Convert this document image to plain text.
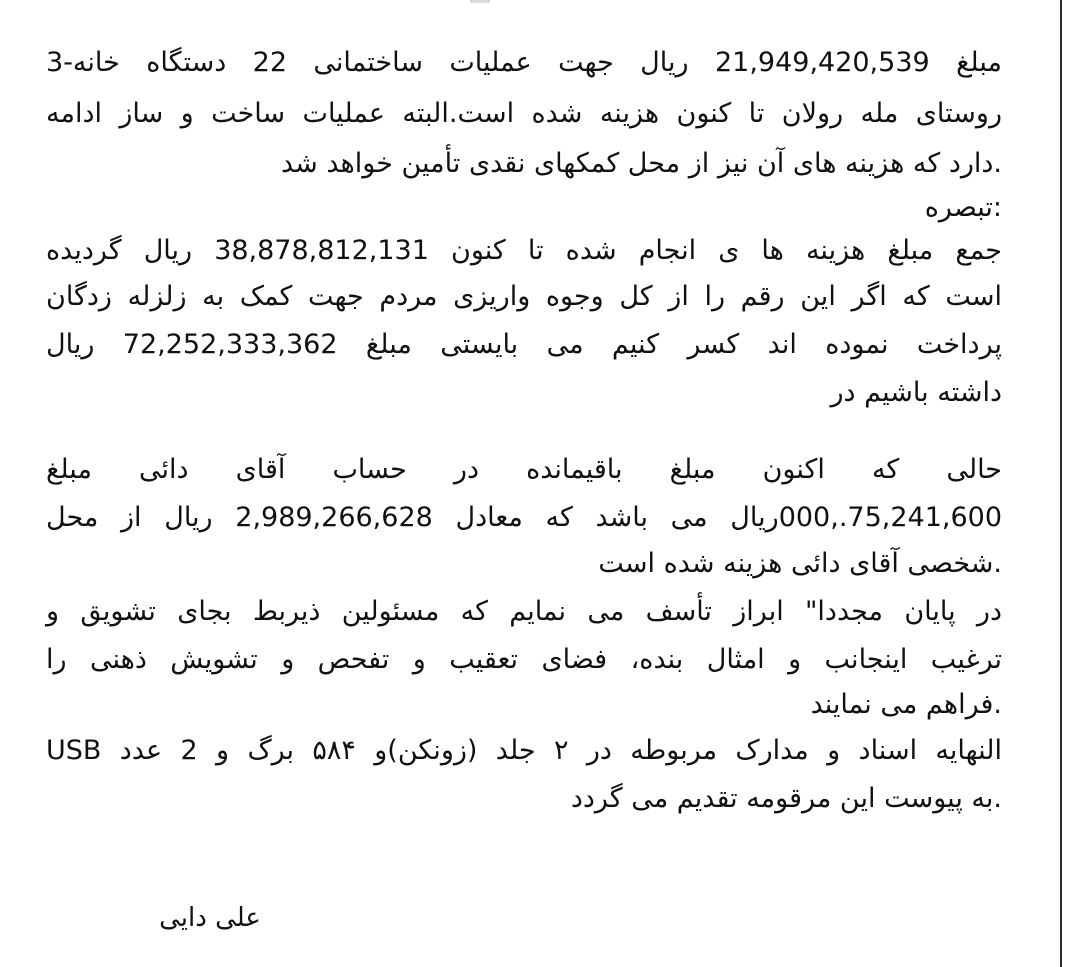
مبلغ 21,949,420,539 ریال جهت عملیات ساختمانی 22 دستگاه خانه-3
روستای مله رولان تا کنون هزینه شده است.البته عملیات ساخت و ساز ادامه
.دارد که هزینه های آن نیز از محل کمکهای نقدی تأمین خواهد شد
:تبصره
جمع مبلغ هزینه ها ی انجام شده تا کنون 38,878,812,131 ریال گردیده
است که اگر این رقم را از کل وجوه واریزی مردم جهت کمک به زلزله زدگان
پرداخت نموده اند کسر کنیم می بایستی مبلغ 72,252,333,362 ریال
داشته باشیم در
حالی که اکنون مبلغ باقیمانده در حساب آقای دائی مبلغ
75,241,600.,000ریال می باشد که معادل 2,989,266,628 ریال از محل
.شخصی آقای دائی هزینه شده است
در پایان مجددا" ابراز تأسف می نمایم که مسئولین ذیربط بجای تشویق و
ترغیب اینجانب و امثال بنده، فضای تعقیب و تفحص و تشویش ذهنی را
.فراهم می نمایند
النهایه اسناد و مدارک مربوطه در ۲ جلد (زونکن)و ۵۸۴ برگ و 2 عدد USB
.به پیوست این مرقومه تقدیم می گردد
علی دایی
